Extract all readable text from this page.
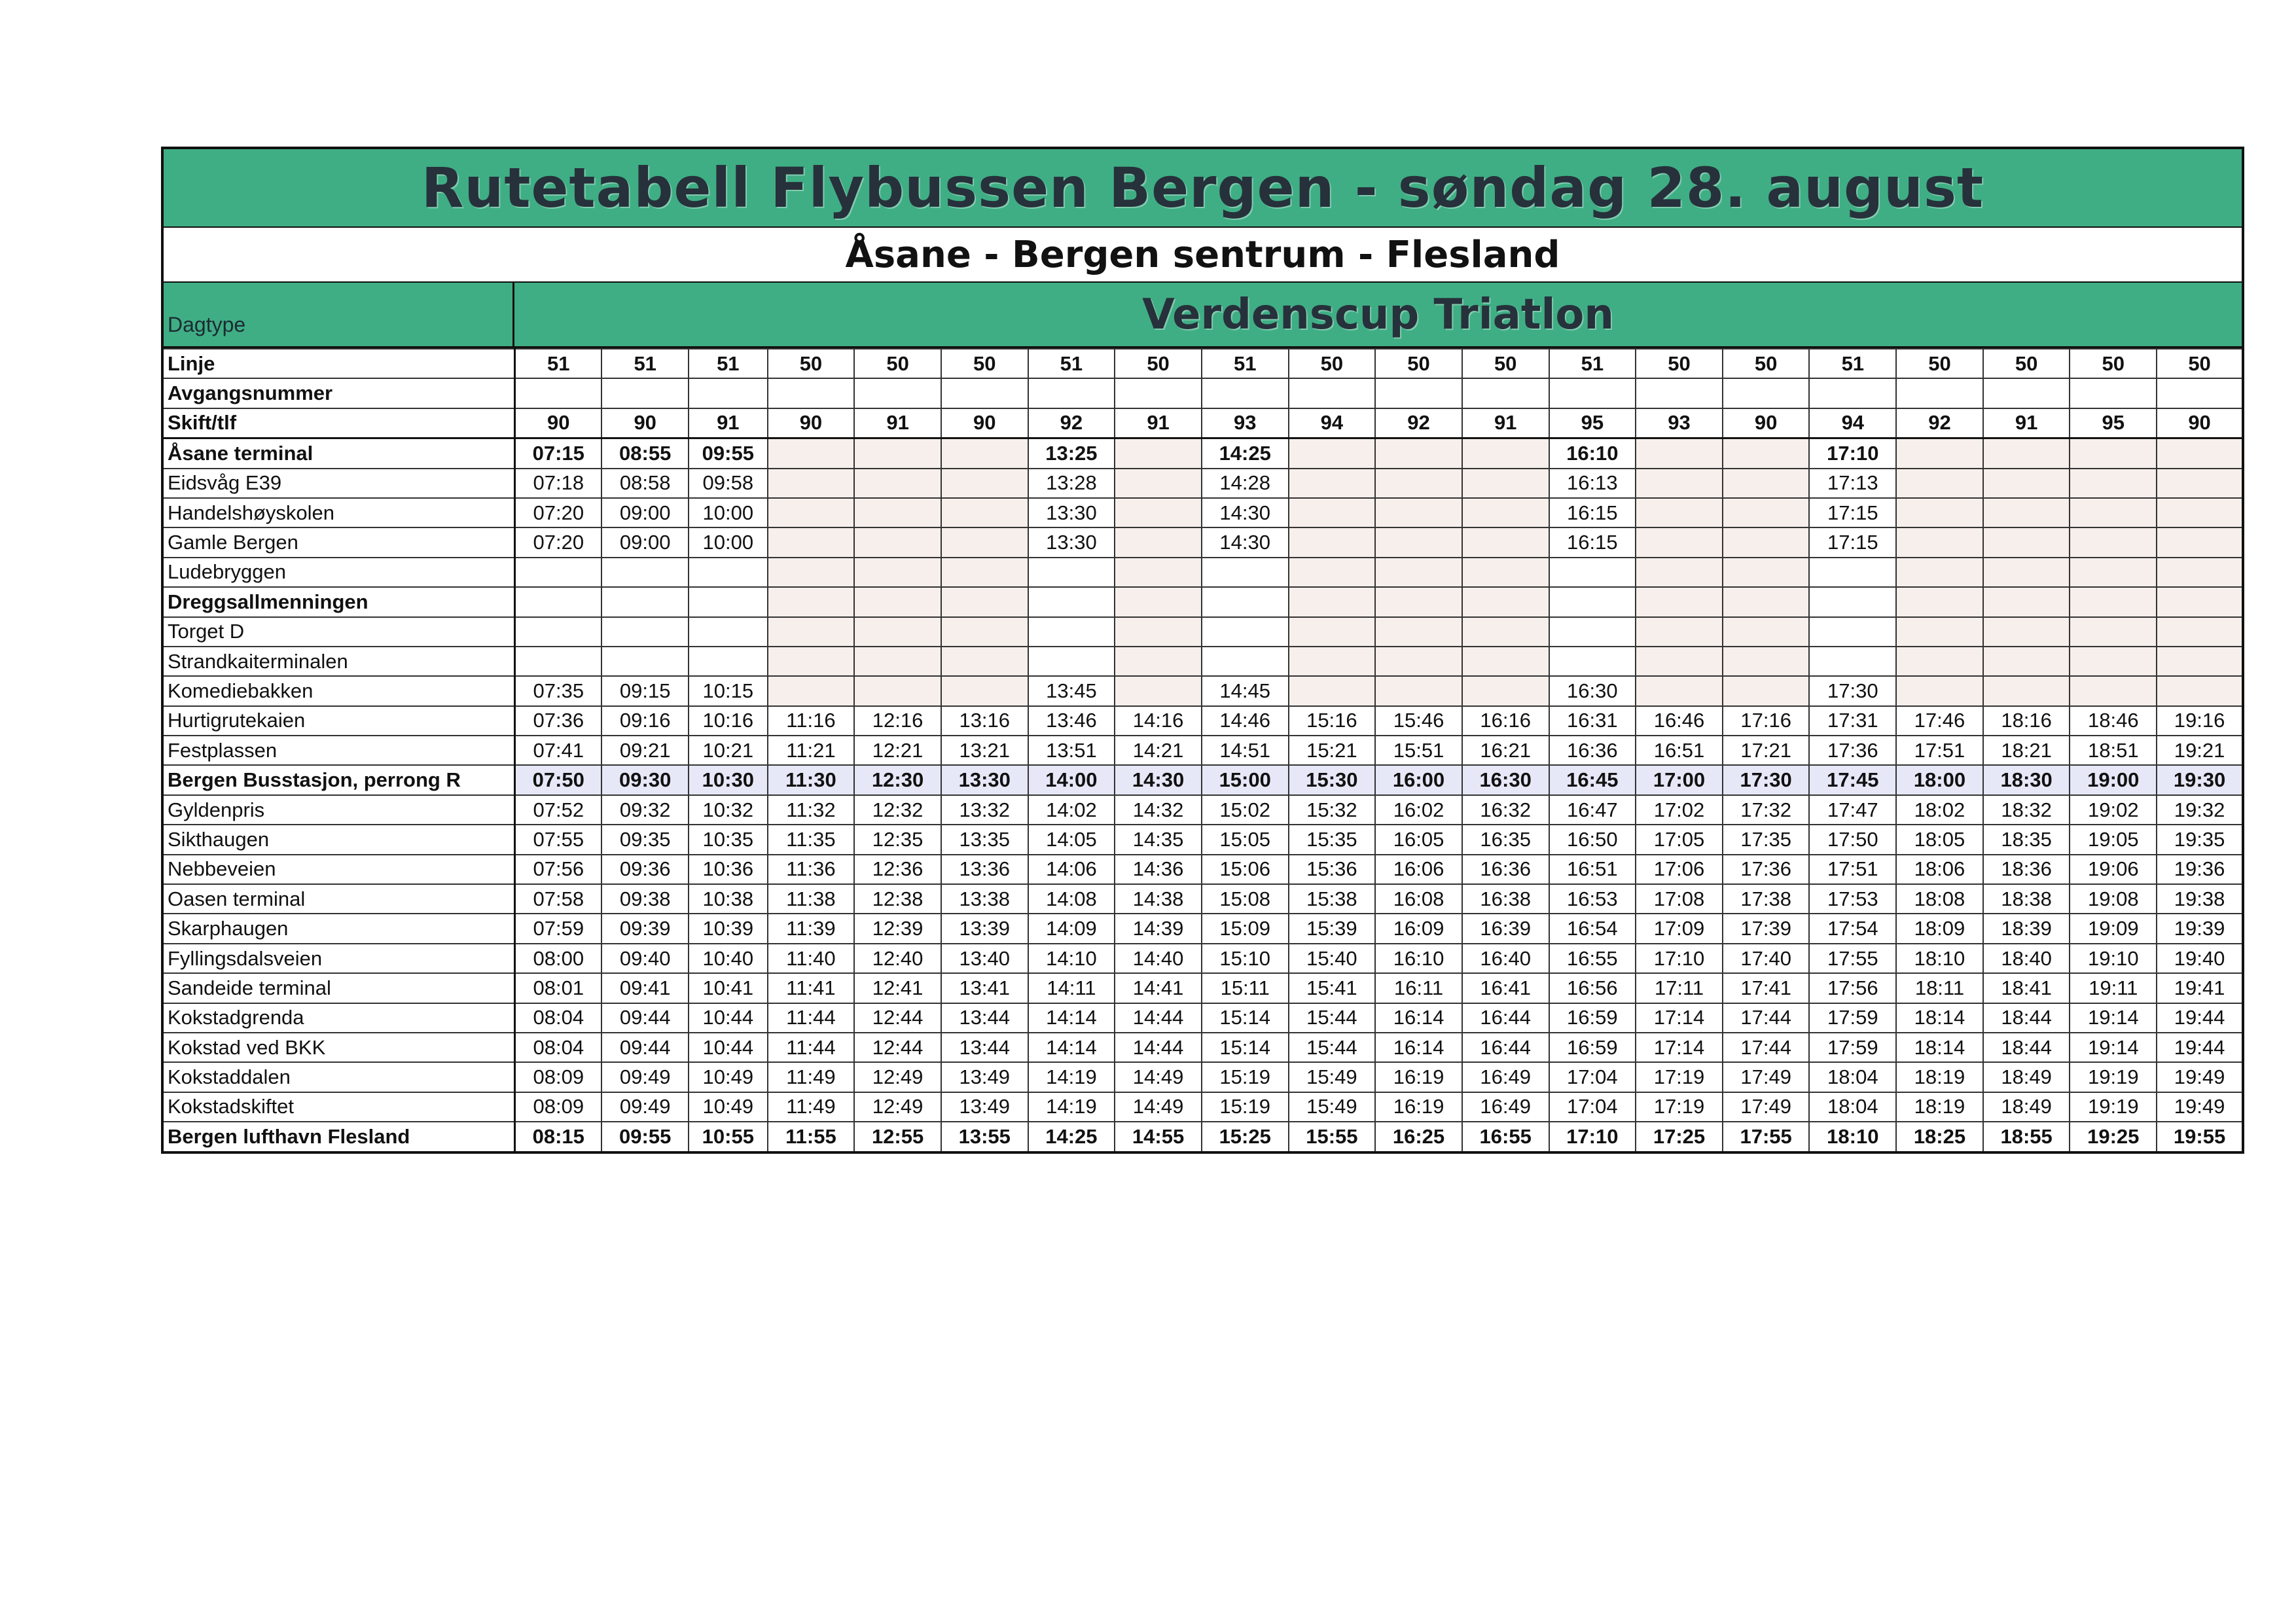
Rutetabell Flybussen Bergen - søndag 28. august
Åsane - Bergen sentrum - Flesland
Dagtype	Verdenscup Triatlon
Linje	51	51	51	50	50	50	51	50	51	50	50	50	51	50	50	51	50	50	50	50
Avgangsnummer																				
Skift/tlf	90	90	91	90	91	90	92	91	93	94	92	91	95	93	90	94	92	91	95	90
Åsane terminal	07:15	08:55	09:55				13:25		14:25				16:10			17:10				
Eidsvåg E39	07:18	08:58	09:58				13:28		14:28				16:13			17:13				
Handelshøyskolen	07:20	09:00	10:00				13:30		14:30				16:15			17:15				
Gamle Bergen	07:20	09:00	10:00				13:30		14:30				16:15			17:15				
Ludebryggen																				
Dreggsallmenningen																				
Torget D																				
Strandkaiterminalen																				
Komediebakken	07:35	09:15	10:15				13:45		14:45				16:30			17:30				
Hurtigrutekaien	07:36	09:16	10:16	11:16	12:16	13:16	13:46	14:16	14:46	15:16	15:46	16:16	16:31	16:46	17:16	17:31	17:46	18:16	18:46	19:16
Festplassen	07:41	09:21	10:21	11:21	12:21	13:21	13:51	14:21	14:51	15:21	15:51	16:21	16:36	16:51	17:21	17:36	17:51	18:21	18:51	19:21
Bergen Busstasjon, perrong R	07:50	09:30	10:30	11:30	12:30	13:30	14:00	14:30	15:00	15:30	16:00	16:30	16:45	17:00	17:30	17:45	18:00	18:30	19:00	19:30
Gyldenpris	07:52	09:32	10:32	11:32	12:32	13:32	14:02	14:32	15:02	15:32	16:02	16:32	16:47	17:02	17:32	17:47	18:02	18:32	19:02	19:32
Sikthaugen	07:55	09:35	10:35	11:35	12:35	13:35	14:05	14:35	15:05	15:35	16:05	16:35	16:50	17:05	17:35	17:50	18:05	18:35	19:05	19:35
Nebbeveien	07:56	09:36	10:36	11:36	12:36	13:36	14:06	14:36	15:06	15:36	16:06	16:36	16:51	17:06	17:36	17:51	18:06	18:36	19:06	19:36
Oasen terminal	07:58	09:38	10:38	11:38	12:38	13:38	14:08	14:38	15:08	15:38	16:08	16:38	16:53	17:08	17:38	17:53	18:08	18:38	19:08	19:38
Skarphaugen	07:59	09:39	10:39	11:39	12:39	13:39	14:09	14:39	15:09	15:39	16:09	16:39	16:54	17:09	17:39	17:54	18:09	18:39	19:09	19:39
Fyllingsdalsveien	08:00	09:40	10:40	11:40	12:40	13:40	14:10	14:40	15:10	15:40	16:10	16:40	16:55	17:10	17:40	17:55	18:10	18:40	19:10	19:40
Sandeide terminal	08:01	09:41	10:41	11:41	12:41	13:41	14:11	14:41	15:11	15:41	16:11	16:41	16:56	17:11	17:41	17:56	18:11	18:41	19:11	19:41
Kokstadgrenda	08:04	09:44	10:44	11:44	12:44	13:44	14:14	14:44	15:14	15:44	16:14	16:44	16:59	17:14	17:44	17:59	18:14	18:44	19:14	19:44
Kokstad ved BKK	08:04	09:44	10:44	11:44	12:44	13:44	14:14	14:44	15:14	15:44	16:14	16:44	16:59	17:14	17:44	17:59	18:14	18:44	19:14	19:44
Kokstaddalen	08:09	09:49	10:49	11:49	12:49	13:49	14:19	14:49	15:19	15:49	16:19	16:49	17:04	17:19	17:49	18:04	18:19	18:49	19:19	19:49
Kokstadskiftet	08:09	09:49	10:49	11:49	12:49	13:49	14:19	14:49	15:19	15:49	16:19	16:49	17:04	17:19	17:49	18:04	18:19	18:49	19:19	19:49
Bergen lufthavn Flesland	08:15	09:55	10:55	11:55	12:55	13:55	14:25	14:55	15:25	15:55	16:25	16:55	17:10	17:25	17:55	18:10	18:25	18:55	19:25	19:55
